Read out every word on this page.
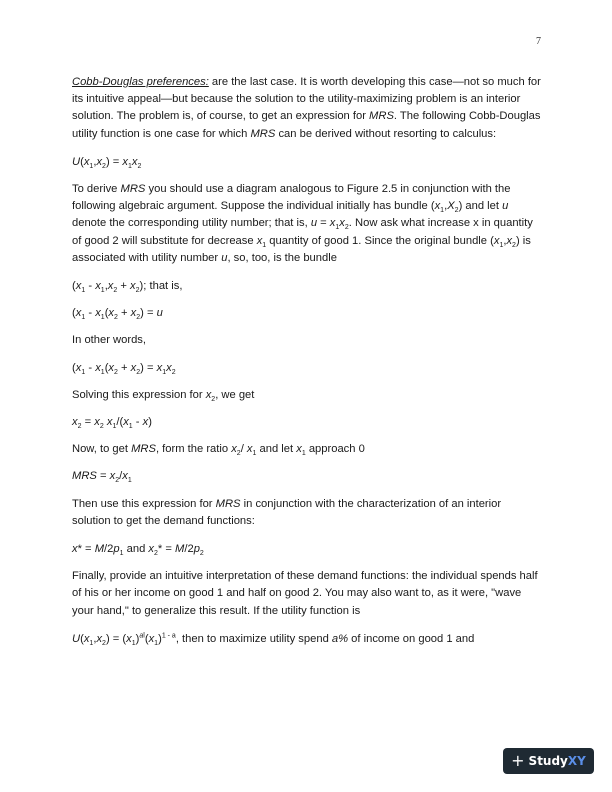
7

Cobb-Douglas preferences: are the last case. It is worth developing this case—not so much for its intuitive appeal—but because the solution to the utility-maximizing problem is an interior solution. The problem is, of course, to get an expression for MRS. The following Cobb-Douglas utility function is one case for which MRS can be derived without resorting to calculus:

$U(x_1,x_2) = x_1x_2$

To derive MRS you should use a diagram analogous to Figure 2.5 in conjunction with the following algebraic argument. Suppose the individual initially has bundle $(x_1,X_2)$ and let u denote the corresponding utility number; that is, $u = x_1x_2$. Now ask what increase x in quantity of good 2 will substitute for decrease $x_1$ quantity of good 1. Since the original bundle $(x_1,x_2)$ is associated with utility number u, so, too, is the bundle

$(x_1 - x_1,x_2 + x_2)$; that is,

($x_1 - x_1(x_2 + x_2) = u$

In other words,

($x_1 - x_1(x_2 + x_2) = x_1x_2$

Solving this expression for $x_2$, we get

$x_2 = x_2$ $x_1/(x_1 - x)$

Now, to get MRS, form the ratio $x_2/$ $x_1$ and let $x_1$ approach 0

MRS = $x_2/x_1$

Then use this expression for MRS in conjunction with the characterization of an interior solution to get the demand functions:

$x* = M/2p_1$ and $x_2* = M/2p_2$

Finally, provide an intuitive interpretation of these demand functions: the individual spends half of his or her income on good 1 and half on good 2. You may also want to, as it were, "wave your hand," to generalize this result. If the utility function is

$U(x_1,x_2) = (x_1)^{al}(x_1)^{1 - a}$, then to maximize utility spend a% of income on good 1 and

+ Study XY
